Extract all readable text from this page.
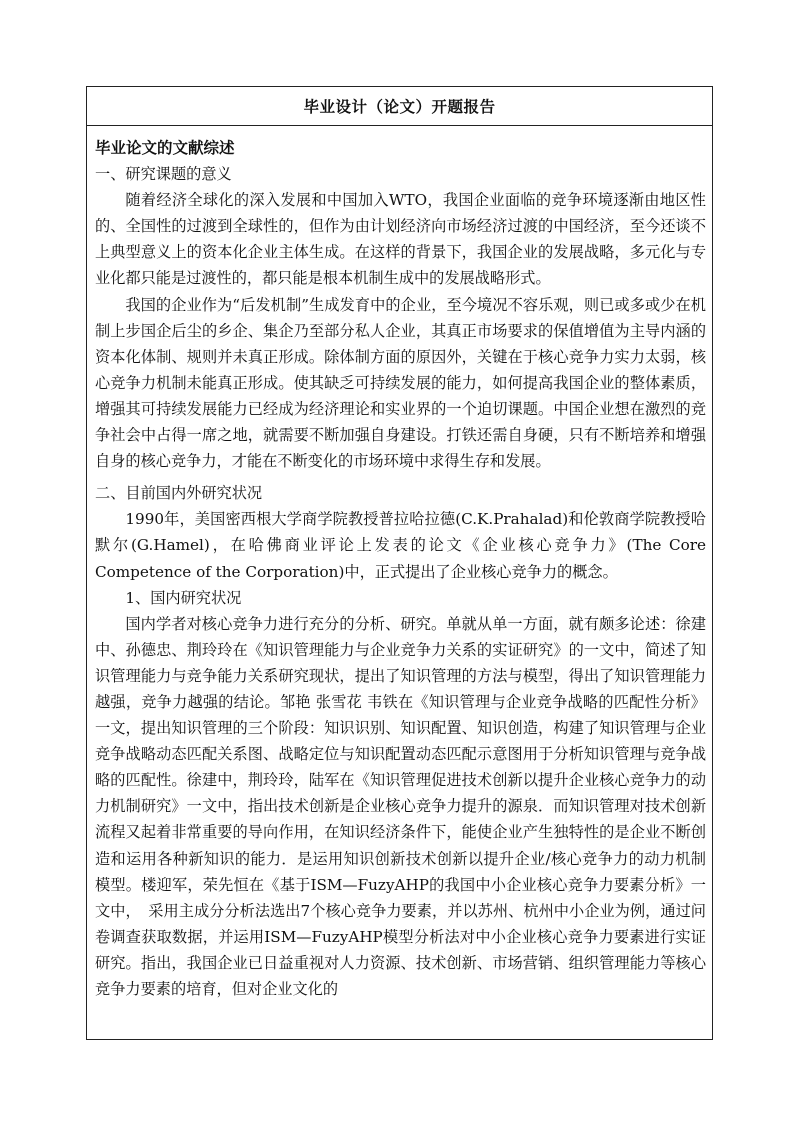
毕业设计（论文）开题报告

毕业论文的文献综述

一、研究课题的意义

随着经济全球化的深入发展和中国加入WTO，我国企业面临的竞争环境逐渐由地区性的、全国性的过渡到全球性的，但作为由计划经济向市场经济过渡的中国经济，至今还谈不上典型意义上的资本化企业主体生成。在这样的背景下，我国企业的发展战略，多元化与专业化都只能是过渡性的，都只能是根本机制生成中的发展战略形式。

我国的企业作为“后发机制”生成发育中的企业，至今境况不容乐观，则已或多或少在机制上步国企后尘的乡企、集企乃至部分私人企业，其真正市场要求的保值增值为主导内涵的资本化体制、规则并未真正形成。除体制方面的原因外，关键在于核心竞争力实力太弱，核心竞争力机制未能真正形成。使其缺乏可持续发展的能力，如何提高我国企业的整体素质，增强其可持续发展能力已经成为经济理论和实业界的一个迫切课题。中国企业想在激烈的竞争社会中占得一席之地，就需要不断加强自身建设。打铁还需自身硬，只有不断培养和增强自身的核心竞争力，才能在不断变化的市场环境中求得生存和发展。

二、目前国内外研究状况

1990年，美国密西根大学商学院教授普拉哈拉德(C.K.Prahalad)和伦敦商学院教授哈默尔(G.Hamel)，在哈佛商业评论上发表的论文《企业核心竞争力》(The Core Competence of the Corporation)中，正式提出了企业核心竞争力的概念。

1、国内研究状况

国内学者对核心竞争力进行充分的分析、研究。单就从单一方面，就有颇多论述：徐建中、孙德忠、荆玲玲在《知识管理能力与企业竞争力关系的实证研究》的一文中，简述了知识管理能力与竞争能力关系研究现状，提出了知识管理的方法与模型，得出了知识管理能力越强，竞争力越强的结论。邹艳 张雪花 韦铁在《知识管理与企业竞争战略的匹配性分析》一文，提出知识管理的三个阶段：知识识别、知识配置、知识创造，构建了知识管理与企业竞争战略动态匹配关系图、战略定位与知识配置动态匹配示意图用于分析知识管理与竞争战略的匹配性。徐建中，荆玲玲，陆军在《知识管理促进技术创新以提升企业核心竞争力的动力机制研究》一文中，指出技术创新是企业核心竞争力提升的源泉．而知识管理对技术创新流程又起着非常重要的导向作用，在知识经济条件下，能使企业产生独特性的是企业不断创造和运用各种新知识的能力．是运用知识创新技术创新以提升企业/核心竞争力的动力机制模型。楼迎军，荣先恒在《基于ISM—FuzyAHP的我国中小企业核心竞争力要素分析》一文中，　采用主成分分析法选出7个核心竞争力要素，并以苏州、杭州中小企业为例，通过问卷调查获取数据，并运用ISM—FuzyAHP模型分析法对中小企业核心竞争力要素进行实证研究。指出，我国企业已日益重视对人力资源、技术创新、市场营销、组织管理能力等核心竞争力要素的培育，但对企业文化的
